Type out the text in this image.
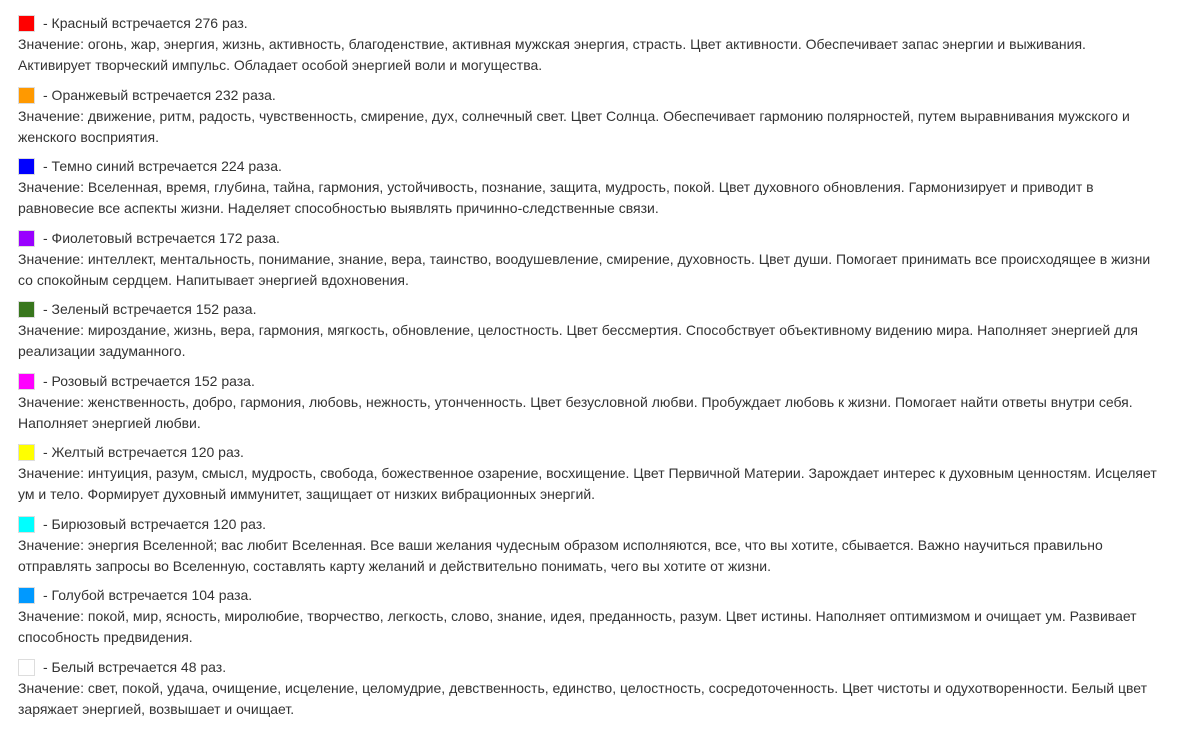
- Красный встречается 276 раз.
Значение: огонь, жар, энергия, жизнь, активность, благоденствие, активная мужская энергия, страсть. Цвет активности. Обеспечивает запас энергии и выживания.
Активирует творческий импульс. Обладает особой энергией воли и могущества.
- Оранжевый встречается 232 раза.
Значение: движение, ритм, радость, чувственность, смирение, дух, солнечный свет. Цвет Солнца. Обеспечивает гармонию полярностей, путем выравнивания мужского и
женского восприятия.
- Темно синий встречается 224 раза.
Значение: Вселенная, время, глубина, тайна, гармония, устойчивость, познание, защита, мудрость, покой. Цвет духовного обновления. Гармонизирует и приводит в
равновесие все аспекты жизни. Наделяет способностью выявлять причинно-следственные связи.
- Фиолетовый встречается 172 раза.
Значение: интеллект, ментальность, понимание, знание, вера, таинство, воодушевление, смирение, духовность. Цвет души. Помогает принимать все происходящее в жизни
со спокойным сердцем. Напитывает энергией вдохновения.
- Зеленый встречается 152 раза.
Значение: мироздание, жизнь, вера, гармония, мягкость, обновление, целостность. Цвет бессмертия. Способствует объективному видению мира. Наполняет энергией для
реализации задуманного.
- Розовый встречается 152 раза.
Значение: женственность, добро, гармония, любовь, нежность, утонченность. Цвет безусловной любви. Пробуждает любовь к жизни. Помогает найти ответы внутри себя.
Наполняет энергией любви.
- Желтый встречается 120 раз.
Значение: интуиция, разум, смысл, мудрость, свобода, божественное озарение, восхищение. Цвет Первичной Материи. Зарождает интерес к духовным ценностям. Исцеляет
ум и тело. Формирует духовный иммунитет, защищает от низких вибрационных энергий.
- Бирюзовый встречается 120 раз.
Значение: энергия Вселенной; вас любит Вселенная. Все ваши желания чудесным образом исполняются, все, что вы хотите, сбывается. Важно научиться правильно
отправлять запросы во Вселенную, составлять карту желаний и действительно понимать, чего вы хотите от жизни.
- Голубой встречается 104 раза.
Значение: покой, мир, ясность, миролюбие, творчество, легкость, слово, знание, идея, преданность, разум. Цвет истины. Наполняет оптимизмом и очищает ум. Развивает
способность предвидения.
- Белый встречается 48 раз.
Значение: свет, покой, удача, очищение, исцеление, целомудрие, девственность, единство, целостность, сосредоточенность. Цвет чистоты и одухотворенности. Белый цвет
заряжает энергией, возвышает и очищает.
